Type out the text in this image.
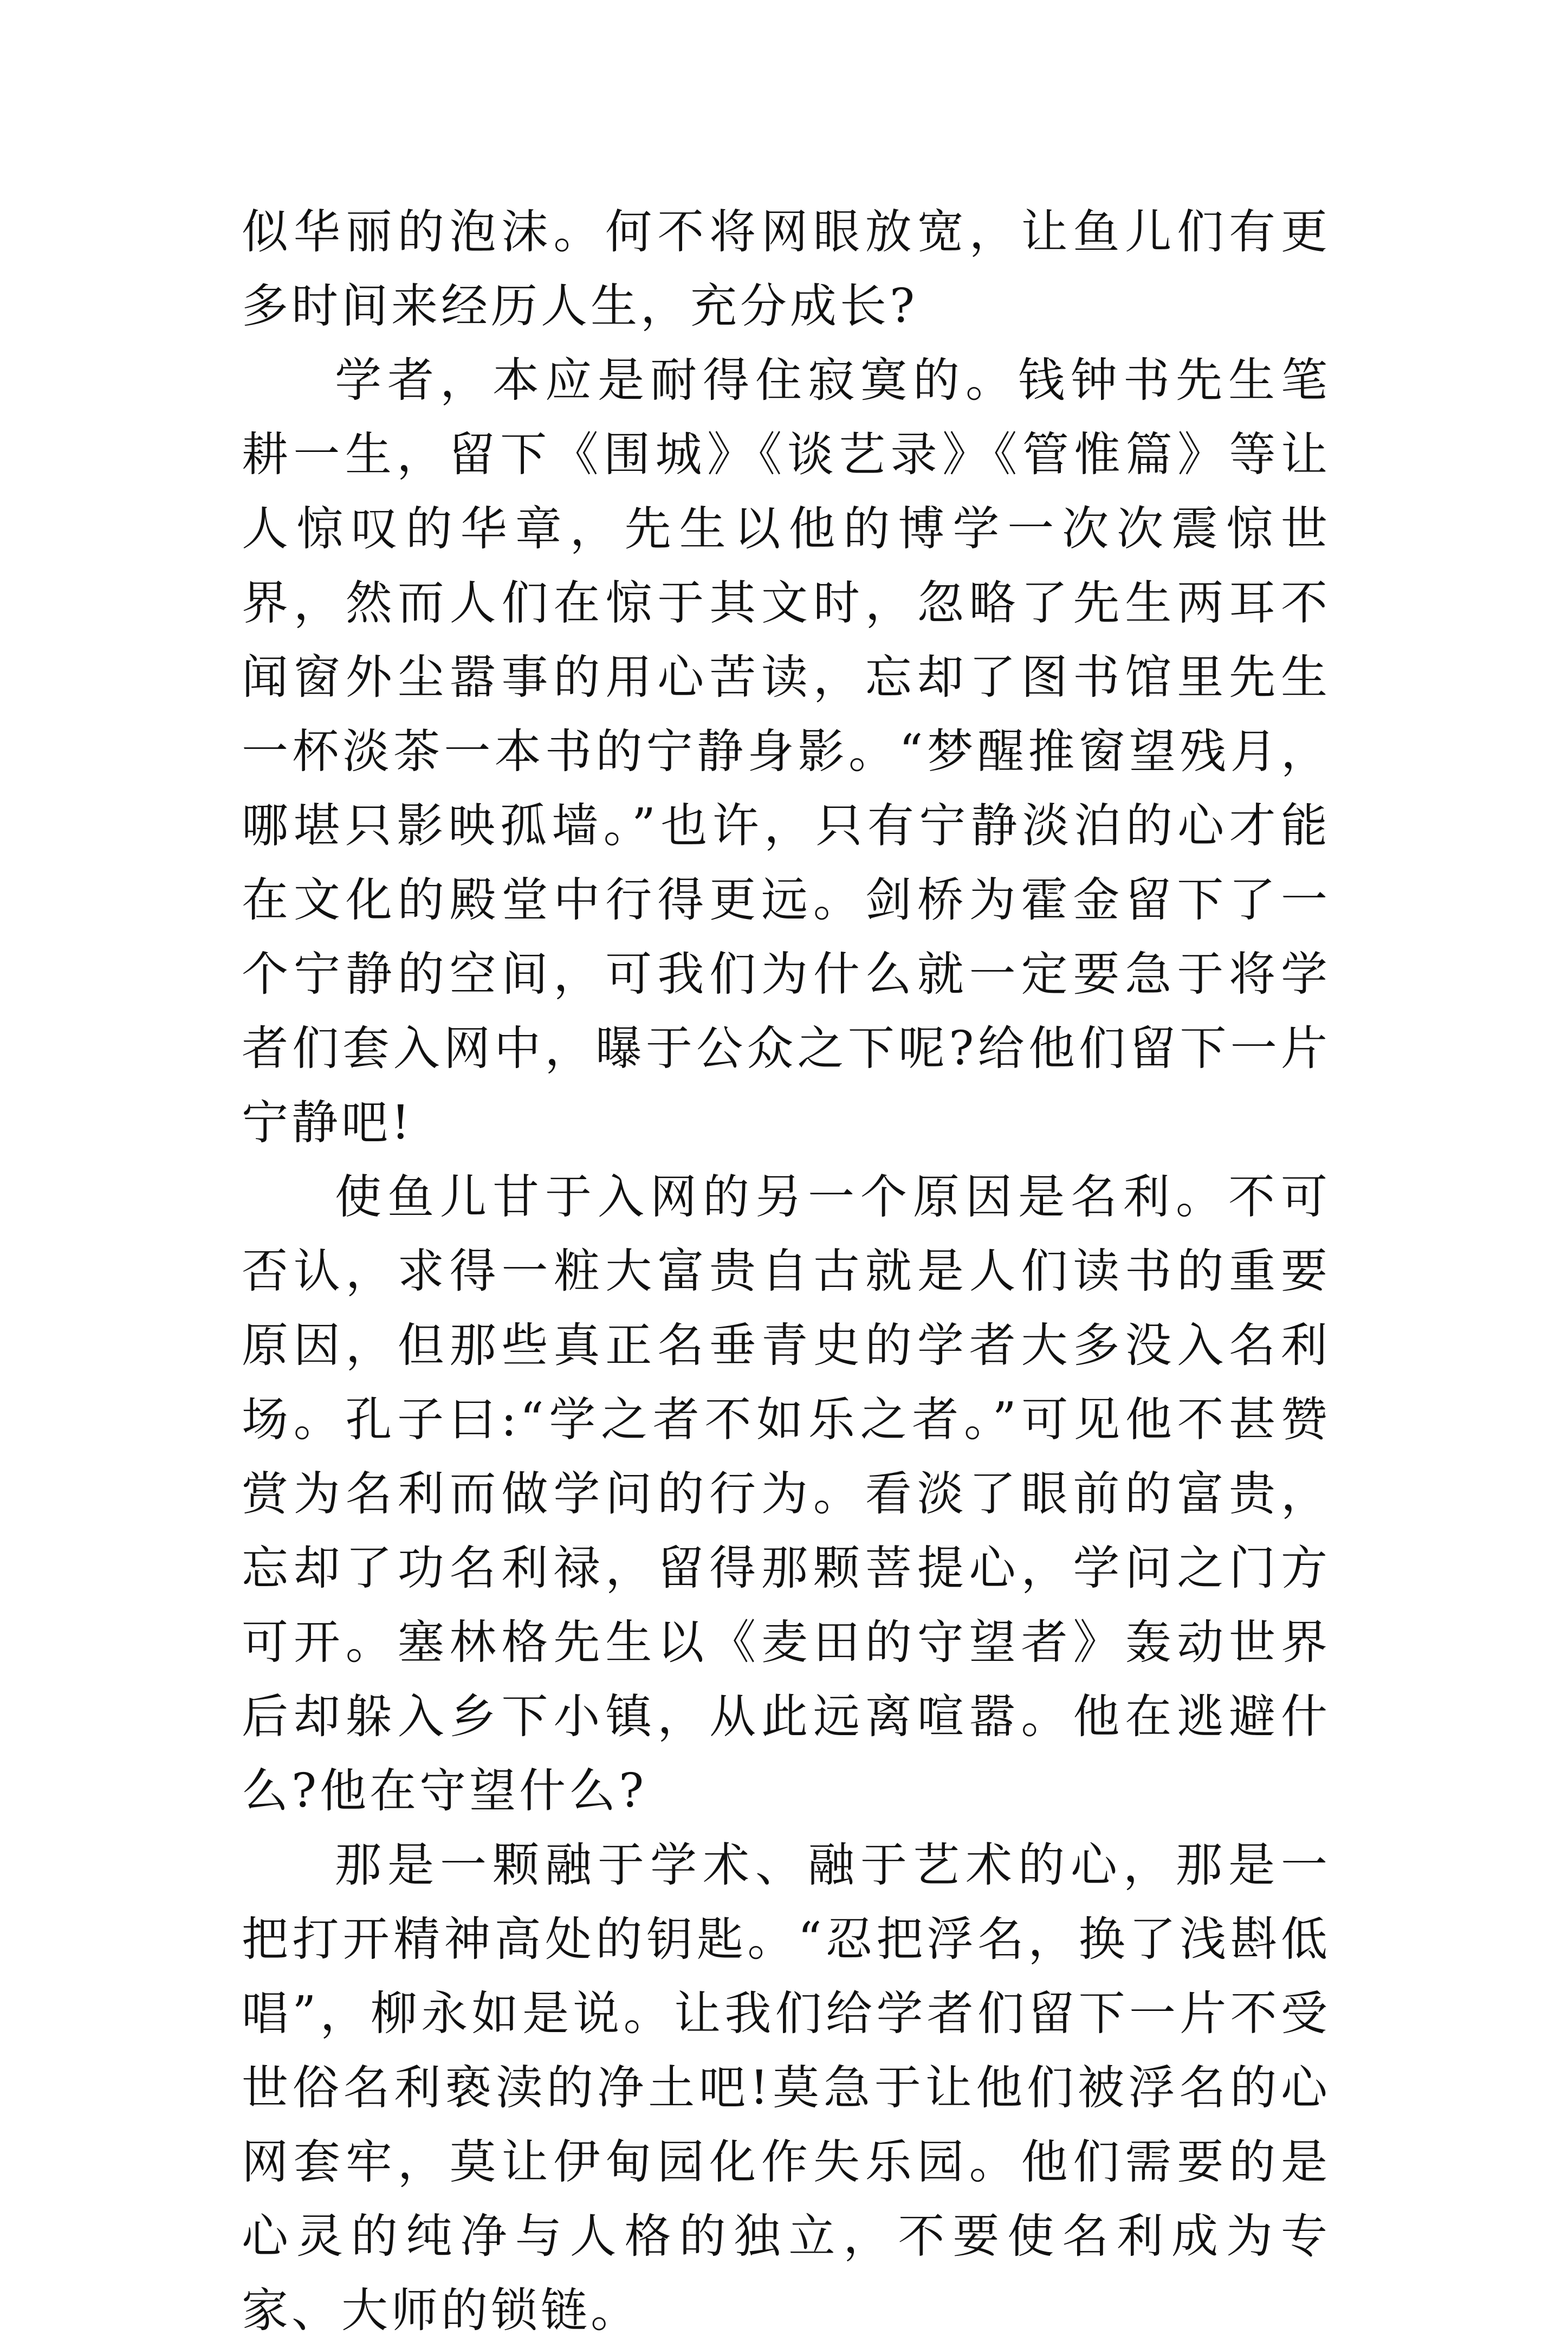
似华丽的泡沫。何不将网眼放宽，让鱼儿们有更多时间来经历人生，充分成长?

学者，本应是耐得住寂寞的。钱钟书先生笔耕一生，留下《围城》《谈艺录》《管惟篇》等让人惊叹的华章，先生以他的博学一次次震惊世界，然而人们在惊于其文时，忽略了先生两耳不闻窗外尘嚣事的用心苦读，忘却了图书馆里先生一杯淡茶一本书的宁静身影。“梦醒推窗望残月，哪堪只影映孤墙。”也许，只有宁静淡泊的心才能在文化的殿堂中行得更远。剑桥为霍金留下了一个宁静的空间，可我们为什么就一定要急于将学者们套入网中，曝于公众之下呢?给他们留下一片宁静吧!

使鱼儿甘于入网的另一个原因是名利。不可否认，求得一粧大富贵自古就是人们读书的重要原因，但那些真正名垂青史的学者大多没入名利场。孔子曰:“学之者不如乐之者。”可见他不甚赞赏为名利而做学问的行为。看淡了眼前的富贵，忘却了功名利禄，留得那颗菩提心，学问之门方可开。塞林格先生以《麦田的守望者》轰动世界后却躲入乡下小镇，从此远离喧嚣。他在逃避什么?他在守望什么?

那是一颗融于学术、融于艺术的心，那是一把打开精神高处的钥匙。“忍把浮名，换了浅斟低唱”，柳永如是说。让我们给学者们留下一片不受世俗名利亵渎的净土吧!莫急于让他们被浮名的心网套牢，莫让伊甸园化作失乐园。他们需要的是心灵的纯净与人格的独立，不要使名利成为专家、大师的锁链。
